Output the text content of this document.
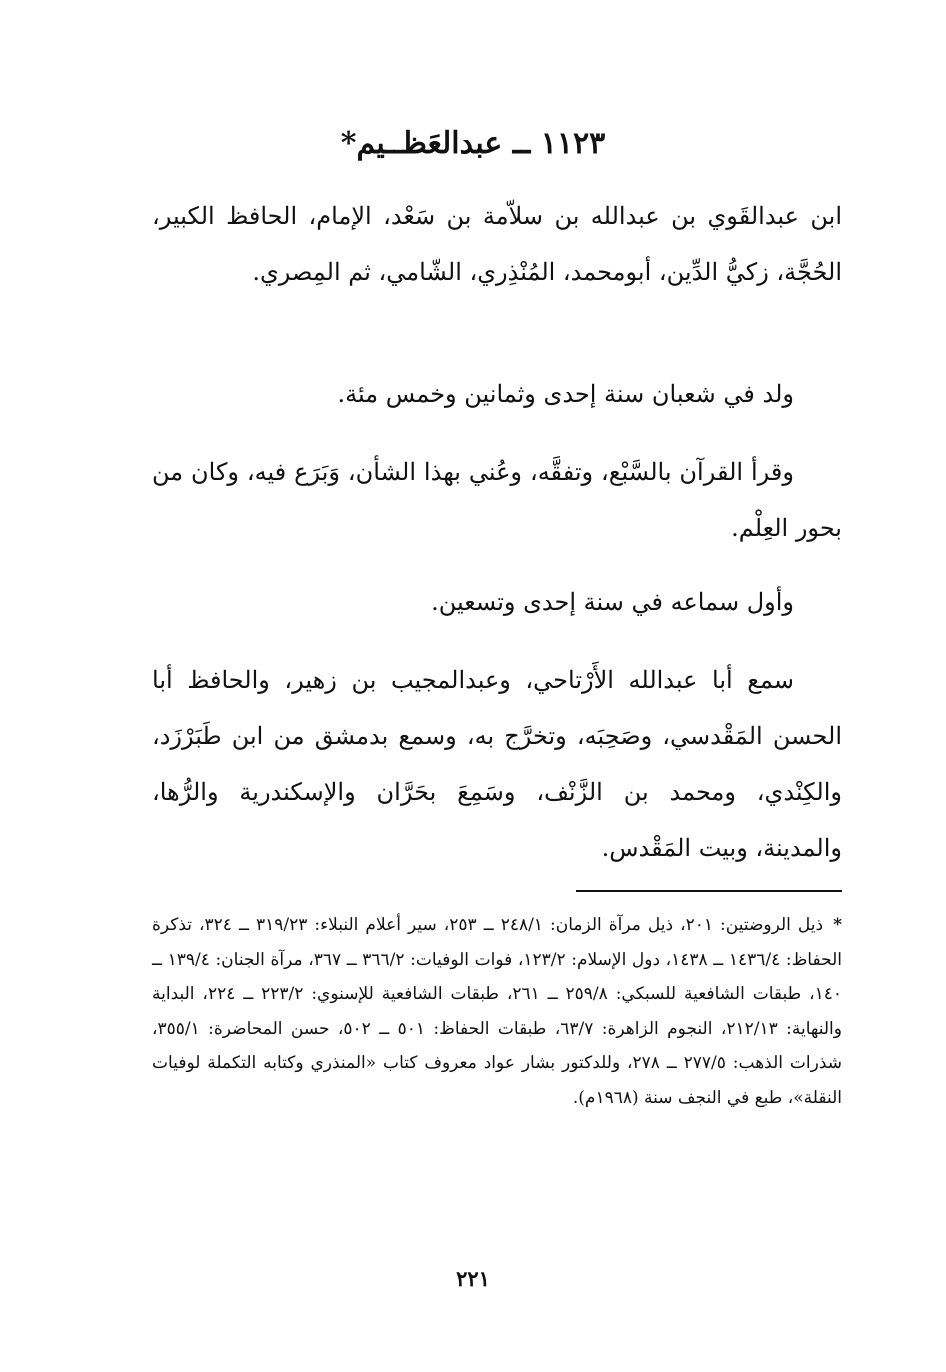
١١٢٣ ــ عبدالعَظــيم*

ابن عبدالقَوي بن عبدالله بن سلاّمة بن سَعْد، الإمام، الحافظ الكبير، الحُجَّة، زكيُّ الدِّين، أبومحمد، المُنْذِري، الشّامي، ثم المِصري.

ولد في شعبان سنة إحدى وثمانين وخمس مئة.

وقرأ القرآن بالسَّبْع، وتفقَّه، وعُني بهذا الشأن، وَبَرَع فيه، وكان من بحور العِلْم.

وأول سماعه في سنة إحدى وتسعين.

سمع أبا عبدالله الأَرْتاحي، وعبدالمجيب بن زهير، والحافظ أبا الحسن المَقْدسي، وصَحِبَه، وتخرَّج به، وسمع بدمشق من ابن طَبَرْزَد، والكِنْدي، ومحمد بن الزَّنْف، وسَمِعَ بحَرَّان والإسكندرية والرُّها، والمدينة، وبيت المَقْدس.

*ذيل الروضتين: ٢٠١، ذيل مرآة الزمان: ٢٤٨/١ ــ ٢٥٣، سير أعلام النبلاء: ٣١٩/٢٣ ــ ٣٢٤، تذكرة الحفاظ: ١٤٣٦/٤ ــ ١٤٣٨، دول الإسلام: ١٢٣/٢، فوات الوفيات: ٣٦٦/٢ ــ ٣٦٧، مرآة الجنان: ١٣٩/٤ ــ ١٤٠، طبقات الشافعية للسبكي: ٢٥٩/٨ ــ ٢٦١، طبقات الشافعية للإسنوي: ٢٢٣/٢ ــ ٢٢٤، البداية والنهاية: ٢١٢/١٣، النجوم الزاهرة: ٦٣/٧، طبقات الحفاظ: ٥٠١ ــ ٥٠٢، حسن المحاضرة: ٣٥٥/١، شذرات الذهب: ٢٧٧/٥ ــ ٢٧٨، وللدكتور بشار عواد معروف كتاب «المنذري وكتابه التكملة لوفيات النقلة»، طبع في النجف سنة (١٩٦٨م).

٢٢١
